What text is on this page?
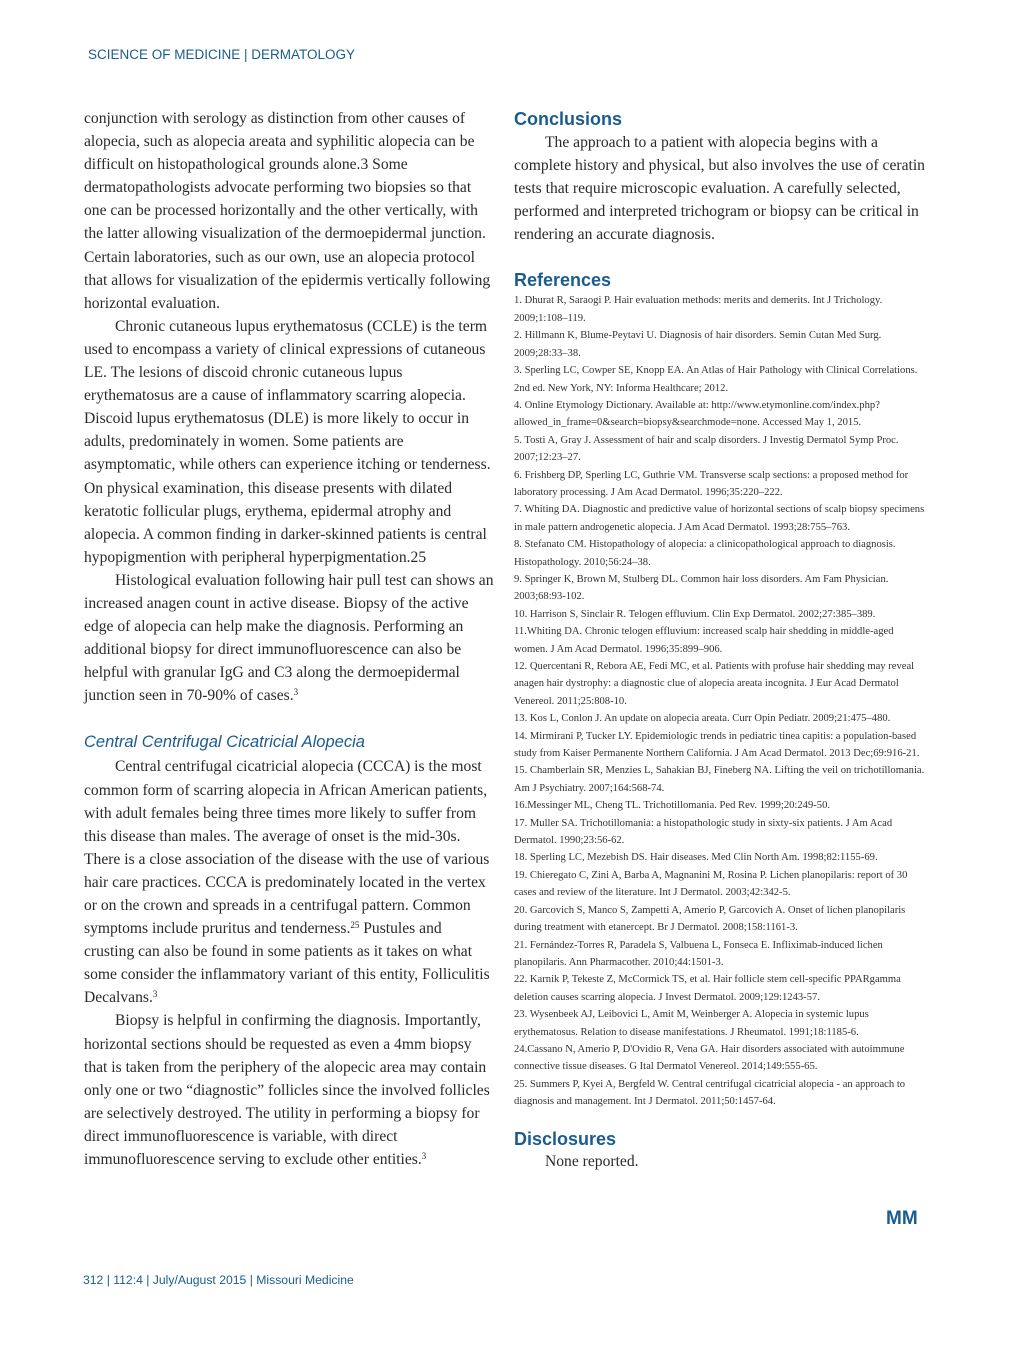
SCIENCE OF MEDICINE | DERMATOLOGY

conjunction with serology as distinction from other causes of alopecia, such as alopecia areata and syphilitic alopecia can be difficult on histopathological grounds alone.3 Some dermatopathologists advocate performing two biopsies so that one can be processed horizontally and the other vertically, with the latter allowing visualization of the dermoepidermal junction. Certain laboratories, such as our own, use an alopecia protocol that allows for visualization of the epidermis vertically following horizontal evaluation.

Chronic cutaneous lupus erythematosus (CCLE) is the term used to encompass a variety of clinical expressions of cutaneous LE. The lesions of discoid chronic cutaneous lupus erythematosus are a cause of inflammatory scarring alopecia. Discoid lupus erythematosus (DLE) is more likely to occur in adults, predominately in women. Some patients are asymptomatic, while others can experience itching or tenderness. On physical examination, this disease presents with dilated keratotic follicular plugs, erythema, epidermal atrophy and alopecia. A common finding in darker-skinned patients is central hypopigmention with peripheral hyperpigmentation.25

Histological evaluation following hair pull test can shows an increased anagen count in active disease. Biopsy of the active edge of alopecia can help make the diagnosis. Performing an additional biopsy for direct immunofluorescence can also be helpful with granular IgG and C3 along the dermoepidermal junction seen in 70-90% of cases.$^3$

Central Centrifugal Cicatricial Alopecia

Central centrifugal cicatricial alopecia (CCCA) is the most common form of scarring alopecia in African American patients, with adult females being three times more likely to suffer from this disease than males. The average of onset is the mid-30s. There is a close association of the disease with the use of various hair care practices. CCCA is predominately located in the vertex or on the crown and spreads in a centrifugal pattern. Common symptoms include pruritus and tenderness.$^{25}$ Pustules and crusting can also be found in some patients as it takes on what some consider the inflammatory variant of this entity, Folliculitis Decalvans.$^3$

Biopsy is helpful in confirming the diagnosis. Importantly, horizontal sections should be requested as even a 4mm biopsy that is taken from the periphery of the alopecic area may contain only one or two “diagnostic” follicles since the involved follicles are selectively destroyed. The utility in performing a biopsy for direct immunofluorescence is variable, with direct immunofluorescence serving to exclude other entities.$^3$

Conclusions

The approach to a patient with alopecia begins with a complete history and physical, but also involves the use of ceratin tests that require microscopic evaluation. A carefully selected, performed and interpreted trichogram or biopsy can be critical in rendering an accurate diagnosis.

References

1. Dhurat R, Saraogi P. Hair evaluation methods: merits and demerits. Int J Trichology. 2009;1:108–119.

2. Hillmann K, Blume-Peytavi U. Diagnosis of hair disorders. Semin Cutan Med Surg. 2009;28:33–38.

3. Sperling LC, Cowper SE, Knopp EA. An Atlas of Hair Pathology with Clinical Correlations. 2nd ed. New York, NY: Informa Healthcare; 2012.

4. Online Etymology Dictionary. Available at: http://www.etymonline.com/index.php?allowed_in_frame=0&search=biopsy&searchmode=none. Accessed May 1, 2015.

5. Tosti A, Gray J. Assessment of hair and scalp disorders. J Investig Dermatol Symp Proc. 2007;12:23–27.

6. Frishberg DP, Sperling LC, Guthrie VM. Transverse scalp sections: a proposed method for laboratory processing. J Am Acad Dermatol. 1996;35:220–222.

7. Whiting DA. Diagnostic and predictive value of horizontal sections of scalp biopsy specimens in male pattern androgenetic alopecia. J Am Acad Dermatol. 1993;28:755–763.

8. Stefanato CM. Histopathology of alopecia: a clinicopathological approach to diagnosis. Histopathology. 2010;56:24–38.

9. Springer K, Brown M, Stulberg DL. Common hair loss disorders. Am Fam Physician. 2003;68:93-102.

10. Harrison S, Sinclair R. Telogen effluvium. Clin Exp Dermatol. 2002;27:385–389.

11.Whiting DA. Chronic telogen effluvium: increased scalp hair shedding in middle-aged women. J Am Acad Dermatol. 1996;35:899–906.

12. Quercentani R, Rebora AE, Fedi MC, et al. Patients with profuse hair shedding may reveal anagen hair dystrophy: a diagnostic clue of alopecia areata incognita. J Eur Acad Dermatol Venereol. 2011;25:808-10.

13. Kos L, Conlon J. An update on alopecia areata. Curr Opin Pediatr. 2009;21:475–480.

14. Mirmirani P, Tucker LY. Epidemiologic trends in pediatric tinea capitis: a population-based study from Kaiser Permanente Northern California. J Am Acad Dermatol. 2013 Dec;69:916-21.

15. Chamberlain SR, Menzies L, Sahakian BJ, Fineberg NA. Lifting the veil on trichotillomania. Am J Psychiatry. 2007;164:568-74.

16.Messinger ML, Cheng TL. Trichotillomania. Ped Rev. 1999;20:249-50.

17. Muller SA. Trichotillomania: a histopathologic study in sixty-six patients. J Am Acad Dermatol. 1990;23:56-62.

18. Sperling LC, Mezebish DS. Hair diseases. Med Clin North Am. 1998;82:1155-69.

19. Chieregato C, Zini A, Barba A, Magnanini M, Rosina P. Lichen planopilaris: report of 30 cases and review of the literature. Int J Dermatol. 2003;42:342-5.

20. Garcovich S, Manco S, Zampetti A, Amerio P, Garcovich A. Onset of lichen planopilaris during treatment with etanercept. Br J Dermatol. 2008;158:1161-3.

21. Fernández-Torres R, Paradela S, Valbuena L, Fonseca E. Infliximab-induced lichen planopilaris. Ann Pharmacother. 2010;44:1501-3.

22. Karnik P, Tekeste Z, McCormick TS, et al. Hair follicle stem cell-specific PPARgamma deletion causes scarring alopecia. J Invest Dermatol. 2009;129:1243-57.

23. Wysenbeek AJ, Leibovici L, Amit M, Weinberger A. Alopecia in systemic lupus erythematosus. Relation to disease manifestations. J Rheumatol. 1991;18:1185-6.

24.Cassano N, Amerio P, D'Ovidio R, Vena GA. Hair disorders associated with autoimmune connective tissue diseases. G Ital Dermatol Venereol. 2014;149:555-65.

25. Summers P, Kyei A, Bergfeld W. Central centrifugal cicatricial alopecia - an approach to diagnosis and management. Int J Dermatol. 2011;50:1457-64.

Disclosures

None reported.

MM
312 | 112:4 | July/August 2015 | Missouri Medicine
